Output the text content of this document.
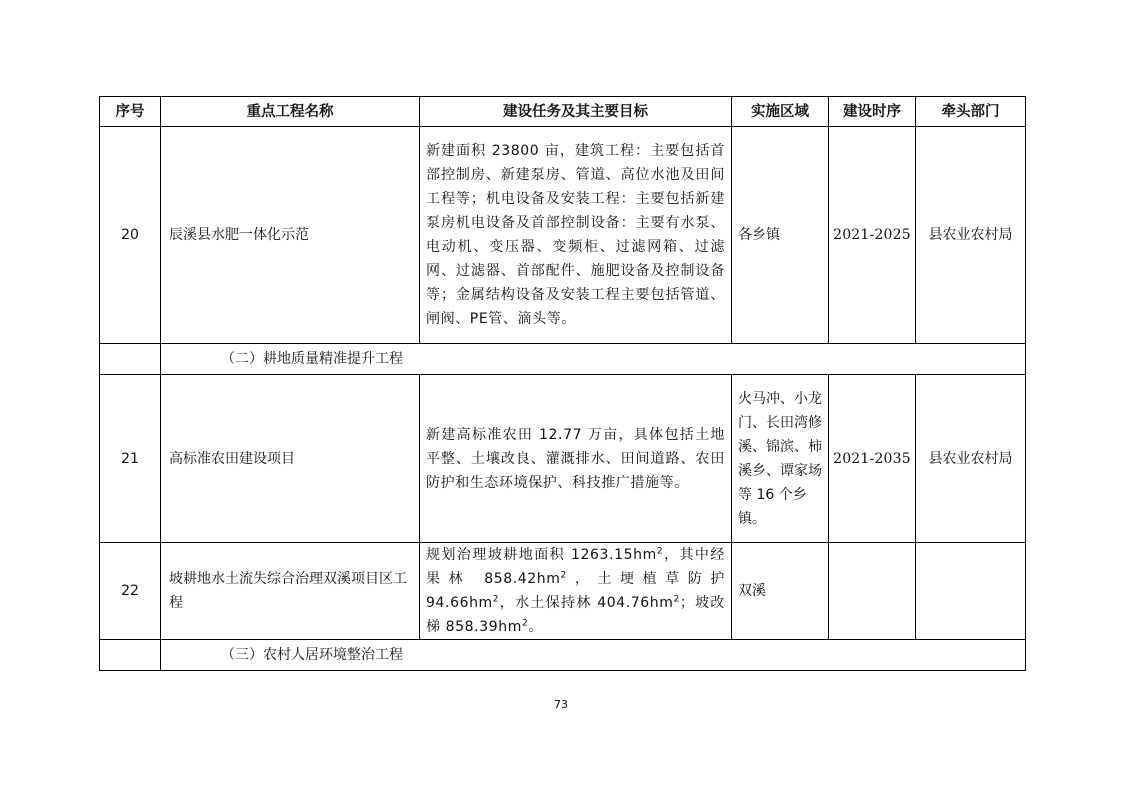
序号	重点工程名称	建设任务及其主要目标	实施区域	建设时序	牵头部门
20	辰溪县水肥一体化示范	新建面积 23800 亩，建筑工程：主要包括首部控制房、新建泵房、管道、高位水池及田间工程等；机电设备及安装工程：主要包括新建泵房机电设备及首部控制设备：主要有水泵、电动机、变压器、变频柜、过滤网箱、过滤网、过滤器、首部配件、施肥设备及控制设备等；金属结构设备及安装工程主要包括管道、闸阀、PE管、滴头等。	各乡镇	2021-2025	县农业农村局
	（二）耕地质量精准提升工程				
21	高标准农田建设项目	新建高标准农田 12.77 万亩，具体包括土地平整、土壤改良、灌溉排水、田间道路、农田防护和生态环境保护、科技推广措施等。	火马冲、小龙门、长田湾修溪、锦滨、柿溪乡、谭家场等 16 个乡镇。	2021-2035	县农业农村局
22	坡耕地水土流失综合治理双溪项目区工程	规划治理坡耕地面积 1263.15hm$^2$，其中经果林 858.42hm$^2$，土埂植草防护 94.66hm$^2$，水土保持林 404.76hm$^2$；坡改梯 858.39hm$^2$。	双溪		
	（三）农村人居环境整治工程				
73
